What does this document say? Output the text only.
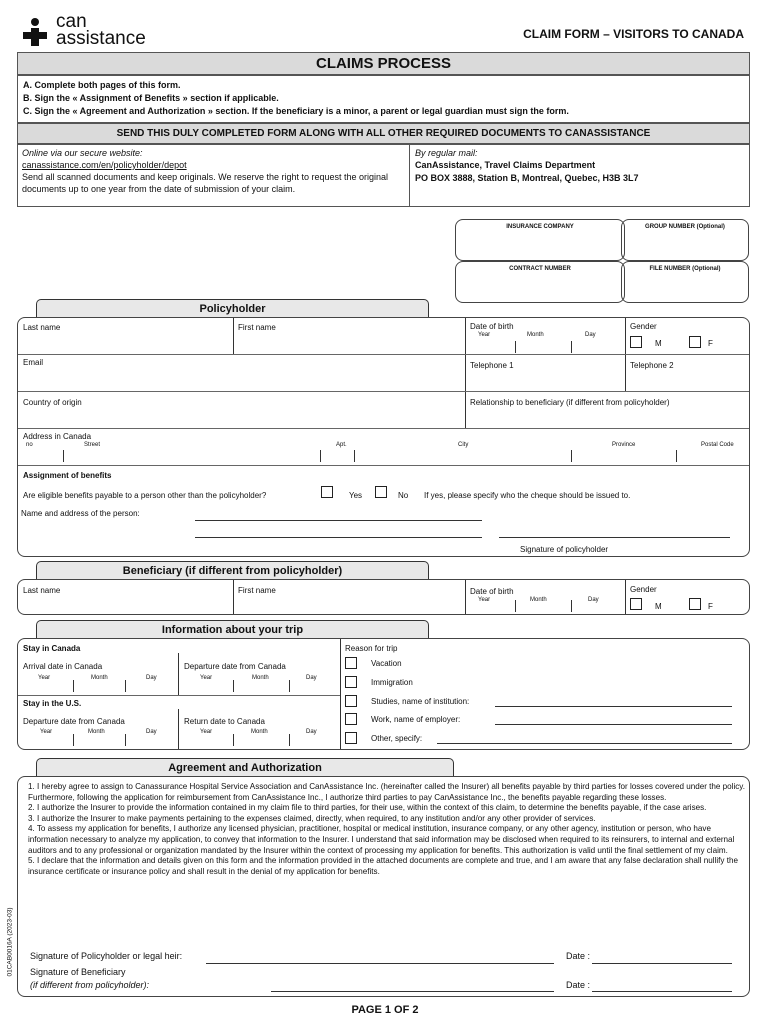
can
assistance	CLAIM FORM – VISITORS TO CANADA
CLAIMS PROCESS
A. Complete both pages of this form.
B. Sign the « Assignment of Benefits » section if applicable.
C. Sign the « Agreement and Authorization » section. If the beneficiary is a minor, a parent or legal guardian must sign the form.
SEND THIS DULY COMPLETED FORM ALONG WITH ALL OTHER REQUIRED DOCUMENTS TO CANASSISTANCE
Online via our secure website:
canassistance.com/en/policyholder/depot
Send all scanned documents and keep originals. We reserve the right to request the original documents up to one year from the date of submission of your claim.
By regular mail:
CanAssistance, Travel Claims Department
PO BOX 3888, Station B, Montreal, Quebec, H3B 3L7
INSURANCE COMPANY	GROUP NUMBER (Optional)
CONTRACT NUMBER	FILE NUMBER (Optional)
Policyholder
Last name	First name	Date of birth
Year	Month	Day
Gender
M	F
Email	Telephone 1	Telephone 2
Country of origin	Relationship to beneficiary (if different from policyholder)
Address in Canada
no	Street	Apt.	City	Province	Postal Code
Assignment of benefits
Are eligible benefits payable to a person other than the policyholder?	Yes	No If yes, please specify who the cheque should be issued to.
Name and address of the person:
Signature of policyholder
Beneficiary (if different from policyholder)
Last name	First name	Date of birth
Year	Month	Day
Gender
M	F
Information about your trip
Stay in Canada
Arrival date in Canada
Year	Month	Day
Departure date from Canada
Year	Month	Day
Stay in the U.S.
Departure date from Canada
Year	Month	Day
Return date to Canada
Year	Month	Day
Reason for trip
Vacation
Immigration
Studies, name of institution:
Work, name of employer:
Other, specify:
Agreement and Authorization

1. I hereby agree to assign to Canassurance Hospital Service Association and CanAssistance Inc. (hereinafter called the Insurer) all benefits payable by third parties for losses covered under the policy. Furthermore, following the application for reimbursement from CanAssistance Inc., I authorize third parties to pay CanAssistance Inc., the benefits payable regarding these losses.

2. I authorize the Insurer to provide the information contained in my claim file to third parties, for their use, within the context of this claim, to determine the benefits payable, if the case arises.

3. I authorize the Insurer to make payments pertaining to the expenses claimed, directly, when required, to any institution and/or any other provider of services.

4. To assess my application for benefits, I authorize any licensed physician, practitioner, hospital or medical institution, insurance company, or any other agency, institution or person, who have information necessary to analyze my application, to convey that information to the Insurer. I understand that said information may be disclosed when required to its reinsurers, to internal and external auditors and to any professional or organization mandated by the Insurer within the context of processing my application for benefits. This authorization is valid until the final settlement of my claim.

5. I declare that the information and details given on this form and the information provided in the attached documents are complete and true, and I am aware that any false declaration shall nullify the insurance certificate or insurance policy and shall result in the denial of my application for benefits.

Signature of Policyholder or legal heir:	Date :
Signature of Beneficiary
(if different from policyholder):	Date :
01CAB0016A (2023-03)
PAGE 1 OF 2
